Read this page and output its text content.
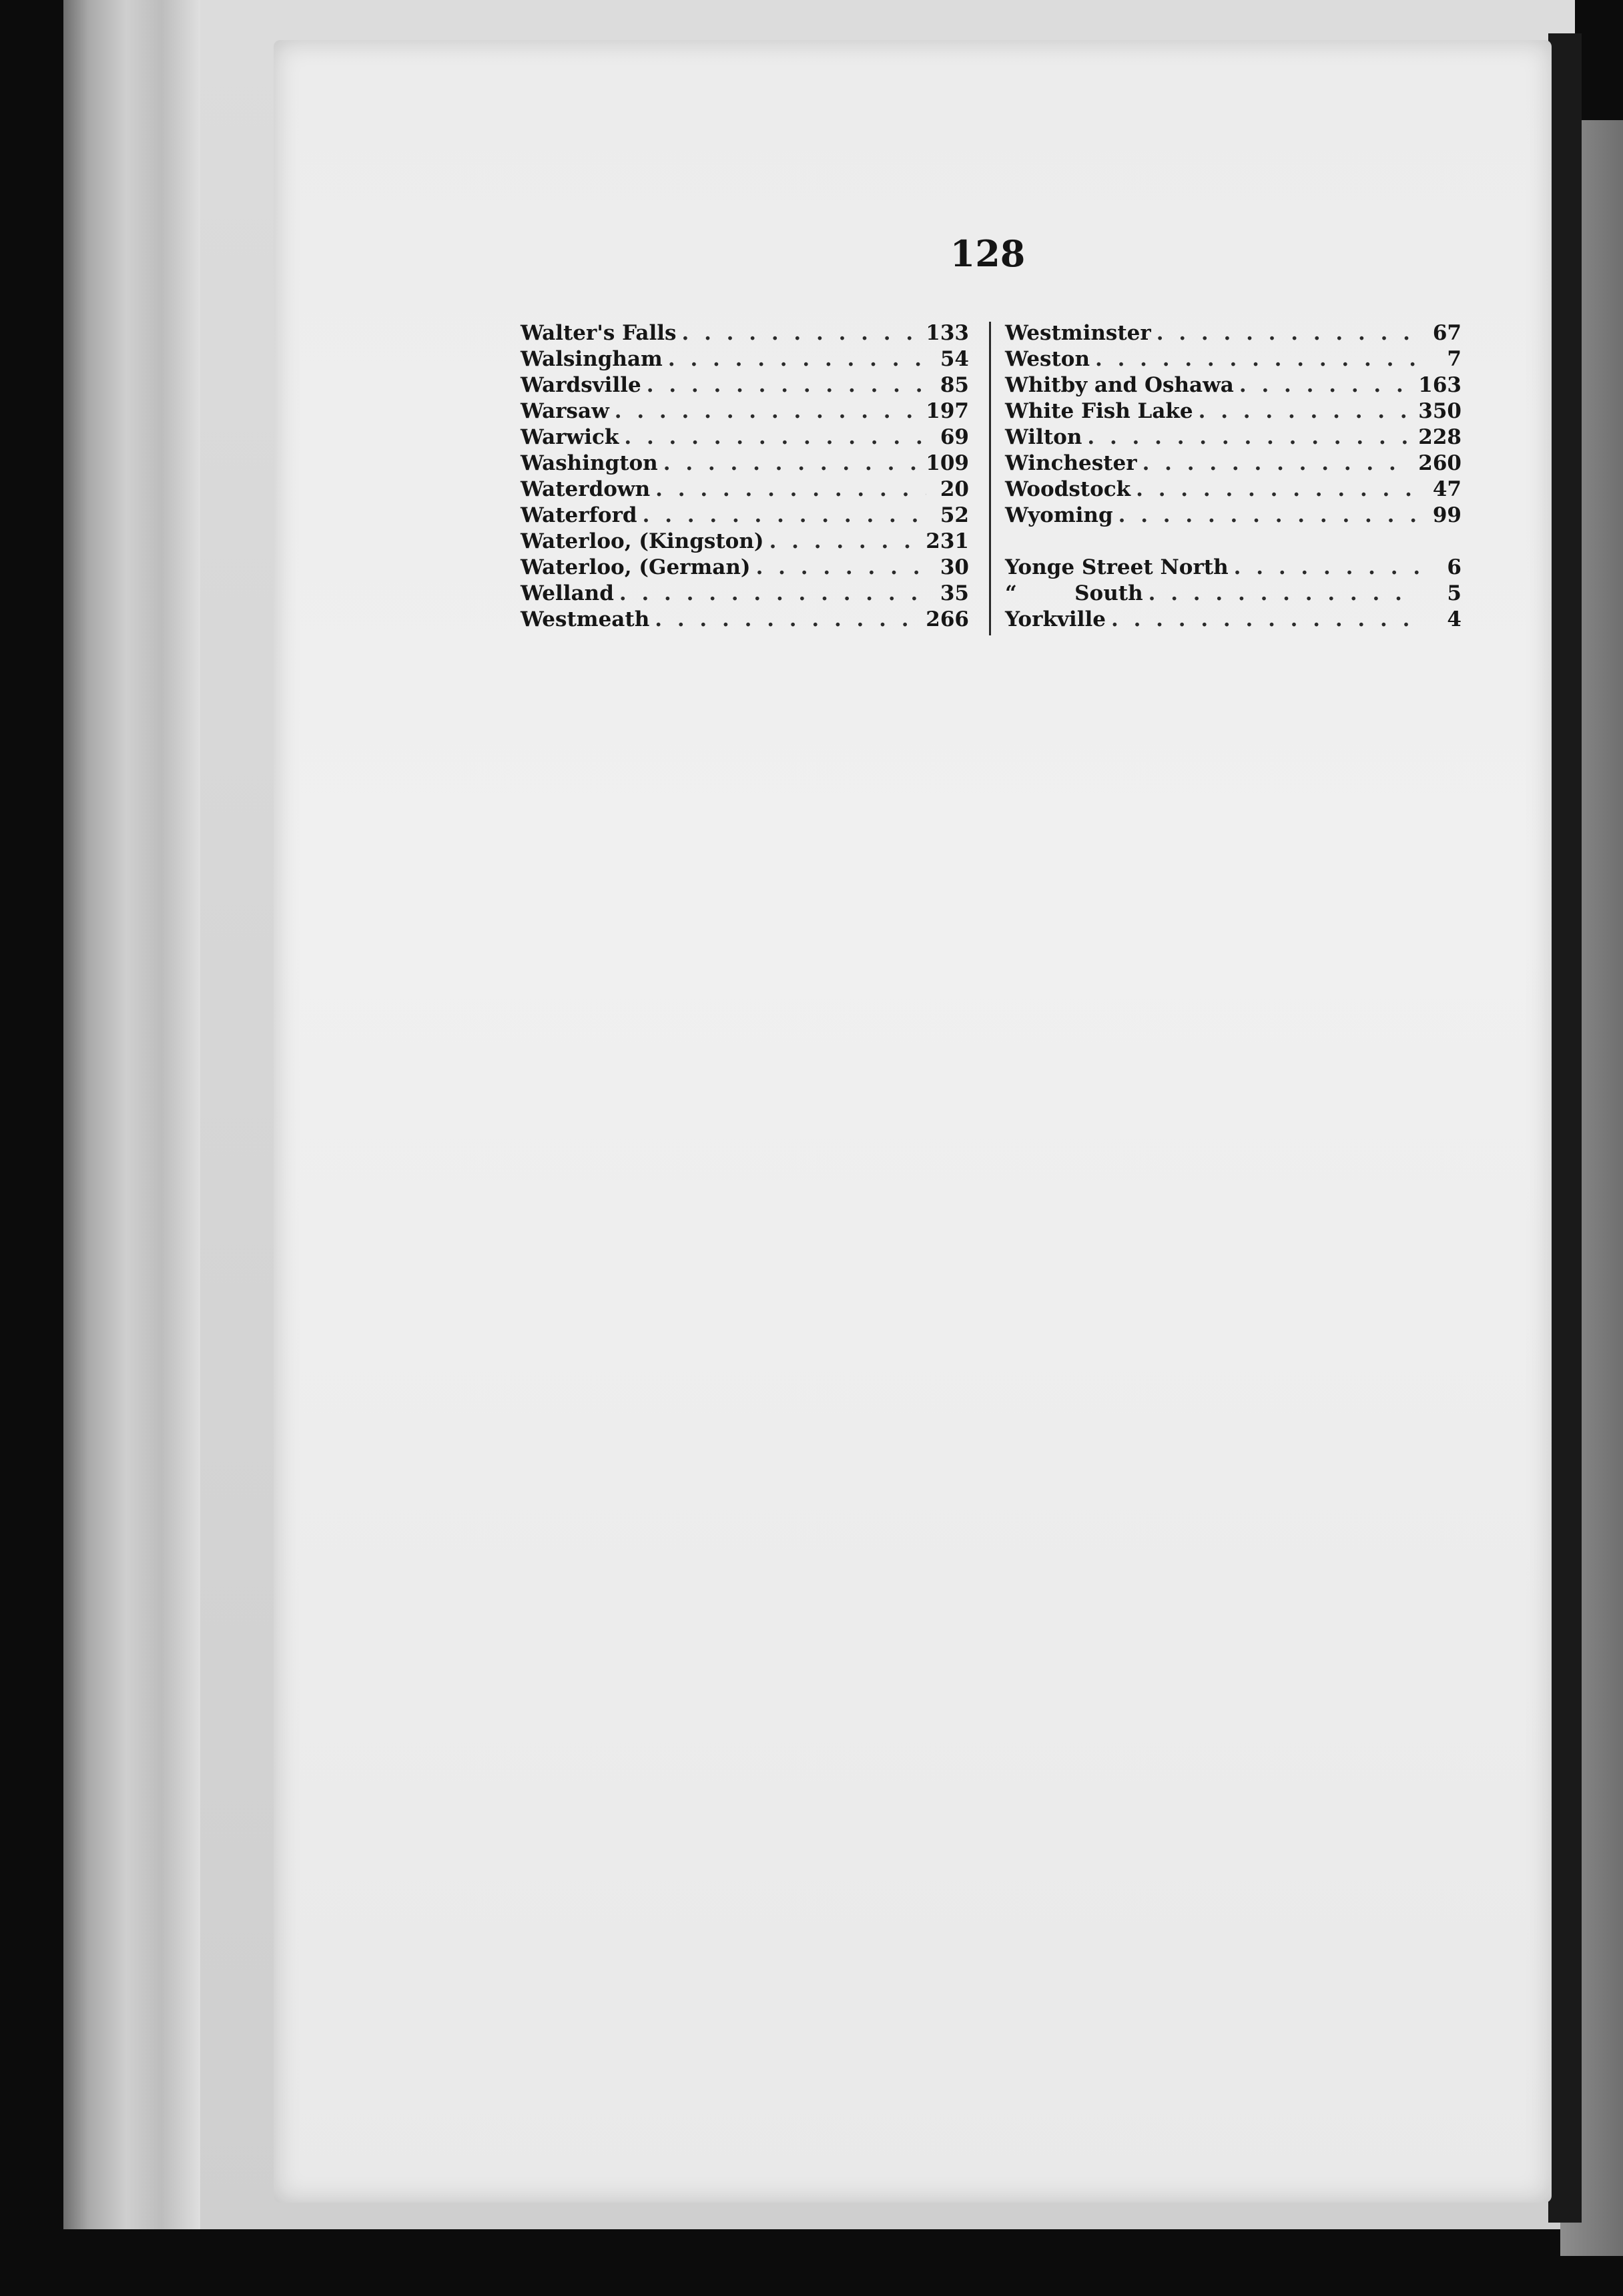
128
Walter's Falls . . .	133
Walsingham . . .	54
Wardsville . . .	85
Warsaw . . .	197
Warwick . . .	69
Washington . . .	109
Waterdown . . .	20
Waterford . . .	52
Waterloo, (Kingston) . . .	231
Waterloo, (German) . . .	30
Welland . . .	35
Westmeath . . .	266
Westminster . . .	67
Weston . . .	7
Whitby and Oshawa . . .	163
White Fish Lake . . .	350
Wilton . . .	228
Winchester . . .	260
Woodstock . . .	47
Wyoming . . .	99
Yonge Street North . . .	6
“        South . . .	5
Yorkville . . .	4
